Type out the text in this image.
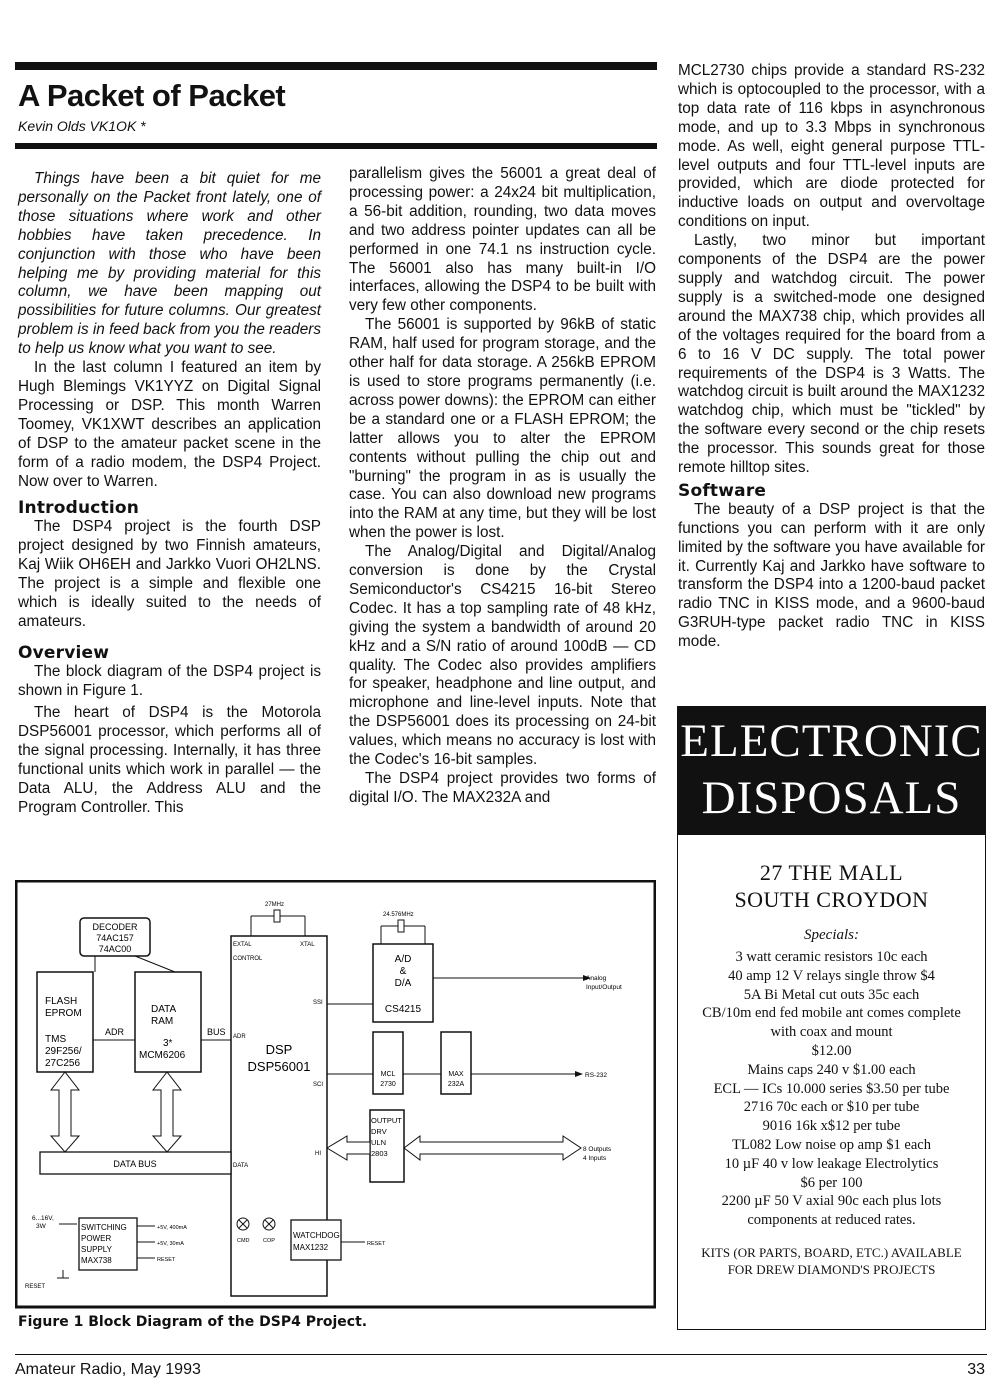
A Packet of Packet
Kevin Olds VK1OK *

Things have been a bit quiet for me personally on the Packet front lately, one of those situations where work and other hobbies have taken precedence. In conjunction with those who have been helping me by providing material for this column, we have been mapping out possibilities for future columns. Our greatest problem is in feed back from you the readers to help us know what you want to see.

In the last column I featured an item by Hugh Blemings VK1YYZ on Digital Signal Processing or DSP. This month Warren Toomey, VK1XWT describes an application of DSP to the amateur packet scene in the form of a radio modem, the DSP4 Project. Now over to Warren.

Introduction

The DSP4 project is the fourth DSP project designed by two Finnish amateurs, Kaj Wiik OH6EH and Jarkko Vuori OH2LNS. The project is a simple and flexible one which is ideally suited to the needs of amateurs.

Overview

The block diagram of the DSP4 project is shown in Figure 1.

The heart of DSP4 is the Motorola DSP56001 processor, which performs all of the signal processing. Internally, it has three functional units which work in parallel — the Data ALU, the Address ALU and the Program Controller. This

parallelism gives the 56001 a great deal of processing power: a 24x24 bit multiplication, a 56-bit addition, rounding, two data moves and two address pointer updates can all be performed in one 74.1 ns instruction cycle. The 56001 also has many built-in I/O interfaces, allowing the DSP4 to be built with very few other components.

The 56001 is supported by 96kB of static RAM, half used for program storage, and the other half for data storage. A 256kB EPROM is used to store programs permanently (i.e. across power downs): the EPROM can either be a standard one or a FLASH EPROM; the latter allows you to alter the EPROM contents without pulling the chip out and "burning" the program in as is usually the case. You can also download new programs into the RAM at any time, but they will be lost when the power is lost.

The Analog/Digital and Digital/Analog conversion is done by the Crystal Semiconductor's CS4215 16-bit Stereo Codec. It has a top sampling rate of 48 kHz, giving the system a bandwidth of around 20 kHz and a S/N ratio of around 100dB — CD quality. The Codec also provides amplifiers for speaker, headphone and line output, and microphone and line-level inputs. Note that the DSP56001 does its processing on 24-bit values, which means no accuracy is lost with the Codec's 16-bit samples.

The DSP4 project provides two forms of digital I/O. The MAX232A and

MCL2730 chips provide a standard RS-232 which is optocoupled to the processor, with a top data rate of 116 kbps in asynchronous mode, and up to 3.3 Mbps in synchronous mode. As well, eight general purpose TTL-level outputs and four TTL-level inputs are provided, which are diode protected for inductive loads on output and overvoltage conditions on input.

Lastly, two minor but important components of the DSP4 are the power supply and watchdog circuit. The power supply is a switched-mode one designed around the MAX738 chip, which provides all of the voltages required for the board from a 6 to 16 V DC supply. The total power requirements of the DSP4 is 3 Watts. The watchdog circuit is built around the MAX1232 watchdog chip, which must be "tickled" by the software every second or the chip resets the processor. This sounds great for those remote hilltop sites.

Software

The beauty of a DSP project is that the functions you can perform with it are only limited by the software you have available for it. Currently Kaj and Jarkko have software to transform the DSP4 into a 1200-baud packet radio TNC in KISS mode, and a 9600-baud G3RUH-type packet radio TNC in KISS mode.

DECODER
74AC157
74AC00
FLASH
EPROM
TMS
29F256/
27C256
DATA
RAM
3*
MCM6206
ADR	BUS
DSP
DSP56001
EXTAL	XTAL
CONTROL
ADR
SSI
SCI
HI
DATA
27MHz
A/D
&
D/A
CS4215
24.576MHz
Analog
Input/Output
MCL
2730
MAX
232A
RS-232
OUTPUT
DRV
ULN
2803	8 Outputs
4 Inputs
DATA BUS
6...16V,
3W	SWITCHING
POWER
SUPPLY
MAX738
+5V, 400mA
+5V, 30mA
RESET
RESET
CMD COP
WATCHDOG
MAX1232	RESET
Figure 1 Block Diagram of the DSP4 Project.
ELECTRONIC
DISPOSALS
27 THE MALL
SOUTH CROYDON
Specials:
3 watt ceramic resistors 10c each
40 amp 12 V relays single throw $4
5A Bi Metal cut outs 35c each
CB/10m end fed mobile ant comes complete with coax and mount
$12.00
Mains caps 240 v $1.00 each
ECL — ICs 10.000 series $3.50 per tube
2716 70c each or $10 per tube
9016 16k x$12 per tube
TL082 Low noise op amp $1 each
10 µF 40 v low leakage Electrolytics
$6 per 100
2200 µF 50 V axial 90c each plus lots components at reduced rates.
KITS (OR PARTS, BOARD, ETC.) AVAILABLE FOR DREW DIAMOND'S PROJECTS
Amateur Radio, May 1993	33
